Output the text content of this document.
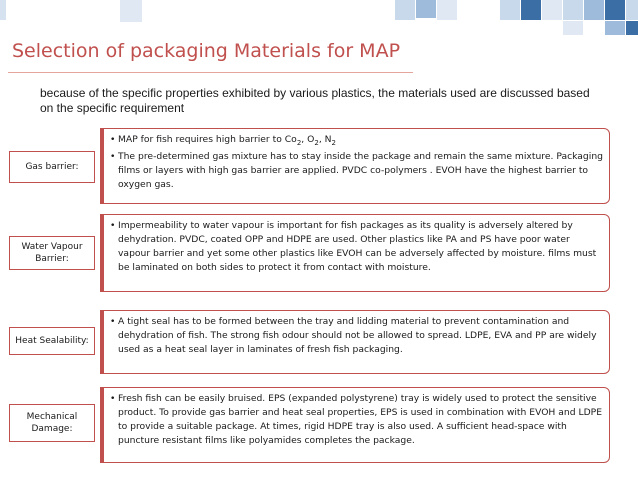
Selection of packaging Materials for MAP
because of the specific properties exhibited by various plastics, the materials used are discussed based on the specific requirement
Gas barrier:

• MAP for fish requires high barrier to $Co_2$, $O_2$, $N_2$

• The pre-determined gas mixture has to stay inside the package and remain the same mixture. Packaging films or layers with high gas barrier are applied. PVDC co-polymers . EVOH have the highest barrier to oxygen gas.

Water Vapour Barrier:

• Impermeability to water vapour is important for fish packages as its quality is adversely altered by dehydration. PVDC, coated OPP and HDPE are used. Other plastics like PA and PS have poor water vapour barrier and yet some other plastics like EVOH can be adversely affected by moisture. films must be laminated on both sides to protect it from contact with moisture.

Heat Sealability:

• A tight seal has to be formed between the tray and lidding material to prevent contamination and dehydration of fish. The strong fish odour should not be allowed to spread. LDPE, EVA and PP are widely used as a heat seal layer in laminates of fresh fish packaging.

Mechanical Damage:

• Fresh fish can be easily bruised. EPS (expanded polystyrene) tray is widely used to protect the sensitive product. To provide gas barrier and heat seal properties, EPS is used in combination with EVOH and LDPE to provide a suitable package. At times, rigid HDPE tray is also used. A sufficient head-space with puncture resistant films like polyamides completes the package.
